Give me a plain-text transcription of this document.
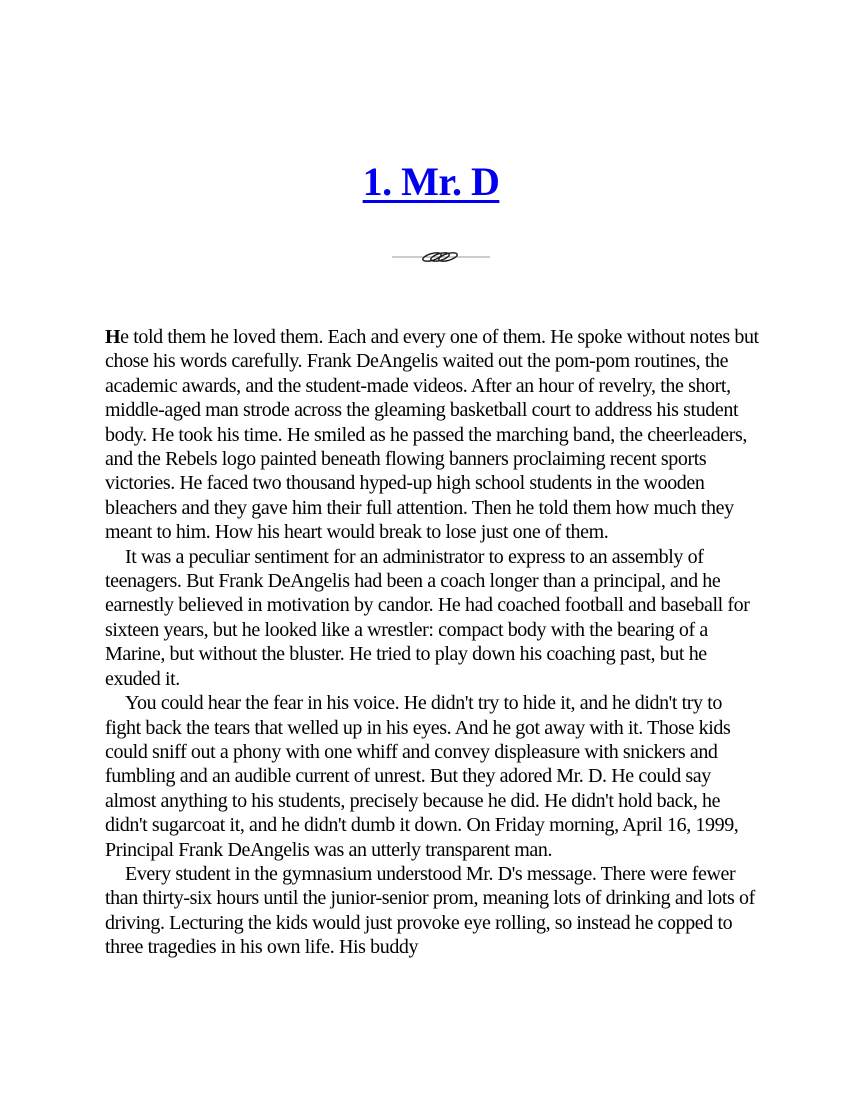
1. Mr. D

He told them he loved them. Each and every one of them. He spoke without notes but chose his words carefully. Frank DeAngelis waited out the pom-pom routines, the academic awards, and the student-made videos. After an hour of revelry, the short, middle-aged man strode across the gleaming basketball court to address his student body. He took his time. He smiled as he passed the marching band, the cheerleaders, and the Rebels logo painted beneath flowing banners proclaiming recent sports victories. He faced two thousand hyped-up high school students in the wooden bleachers and they gave him their full attention. Then he told them how much they meant to him. How his heart would break to lose just one of them.

It was a peculiar sentiment for an administrator to express to an assembly of teenagers. But Frank DeAngelis had been a coach longer than a principal, and he earnestly believed in motivation by candor. He had coached football and baseball for sixteen years, but he looked like a wrestler: compact body with the bearing of a Marine, but without the bluster. He tried to play down his coaching past, but he exuded it.

You could hear the fear in his voice. He didn't try to hide it, and he didn't try to fight back the tears that welled up in his eyes. And he got away with it. Those kids could sniff out a phony with one whiff and convey displeasure with snickers and fumbling and an audible current of unrest. But they adored Mr. D. He could say almost anything to his students, precisely because he did. He didn't hold back, he didn't sugarcoat it, and he didn't dumb it down. On Friday morning, April 16, 1999, Principal Frank DeAngelis was an utterly transparent man.

Every student in the gymnasium understood Mr. D's message. There were fewer than thirty-six hours until the junior-senior prom, meaning lots of drinking and lots of driving. Lecturing the kids would just provoke eye rolling, so instead he copped to three tragedies in his own life. His buddy
